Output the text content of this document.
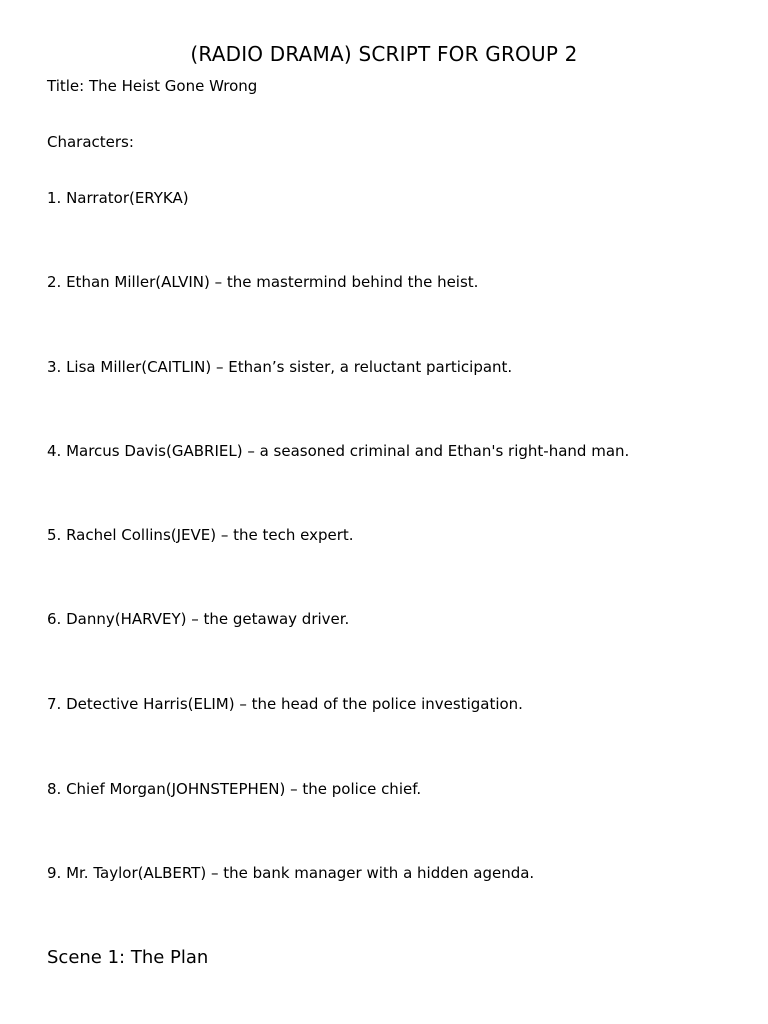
(RADIO DRAMA) SCRIPT FOR GROUP 2
Title: The Heist Gone Wrong
Characters:
1. Narrator(ERYKA)
2. Ethan Miller(ALVIN) – the mastermind behind the heist.
3. Lisa Miller(CAITLIN) – Ethan’s sister, a reluctant participant.
4. Marcus Davis(GABRIEL) – a seasoned criminal and Ethan's right-hand man.
5. Rachel Collins(JEVE) – the tech expert.
6. Danny(HARVEY) – the getaway driver.
7. Detective Harris(ELIM) – the head of the police investigation.
8. Chief Morgan(JOHNSTEPHEN) – the police chief.
9. Mr. Taylor(ALBERT) – the bank manager with a hidden agenda.
Scene 1: The Plan
